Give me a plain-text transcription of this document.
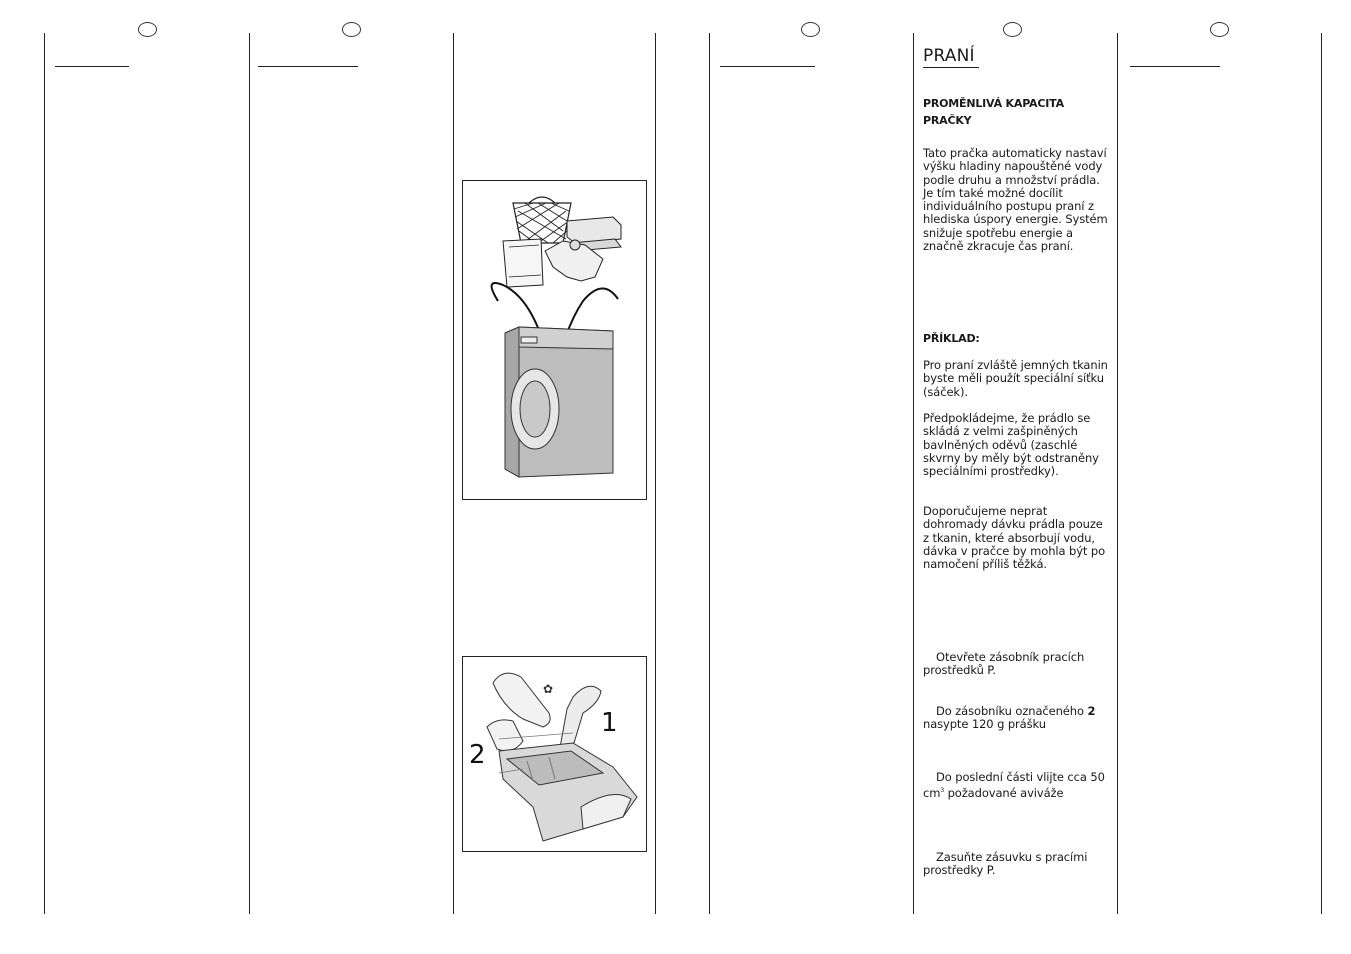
✿
1
2
PRANÍ
PROMĚNLIVÁ KAPACITA PRAČKY
Tato pračka automaticky nastaví výšku hladiny napouštěné vody podle druhu a množství prádla. Je tím také možné docílit individuálního postupu praní z hlediska úspory energie. Systém snižuje spotřebu energie a značně zkracuje čas praní.
PŘÍKLAD:
Pro praní zvláště jemných tkanin byste měli použít speciální síťku (sáček).
Předpokládejme, že prádlo se skládá z velmi zašpiněných bavlněných oděvů (zaschlé skvrny by měly být odstraněny speciálními prostředky).
Doporučujeme neprat dohromady dávku prádla pouze z tkanin, které absorbují vodu, dávka v pračce by mohla být po namočení příliš těžká.
Otevřete zásobník pracích prostředků P.
Do zásobníku označeného 2 nasypte 120 g prášku
Do poslední části vlijte cca 50 $cm^3$ požadované aviváže
Zasuňte zásuvku s pracími prostředky P.
